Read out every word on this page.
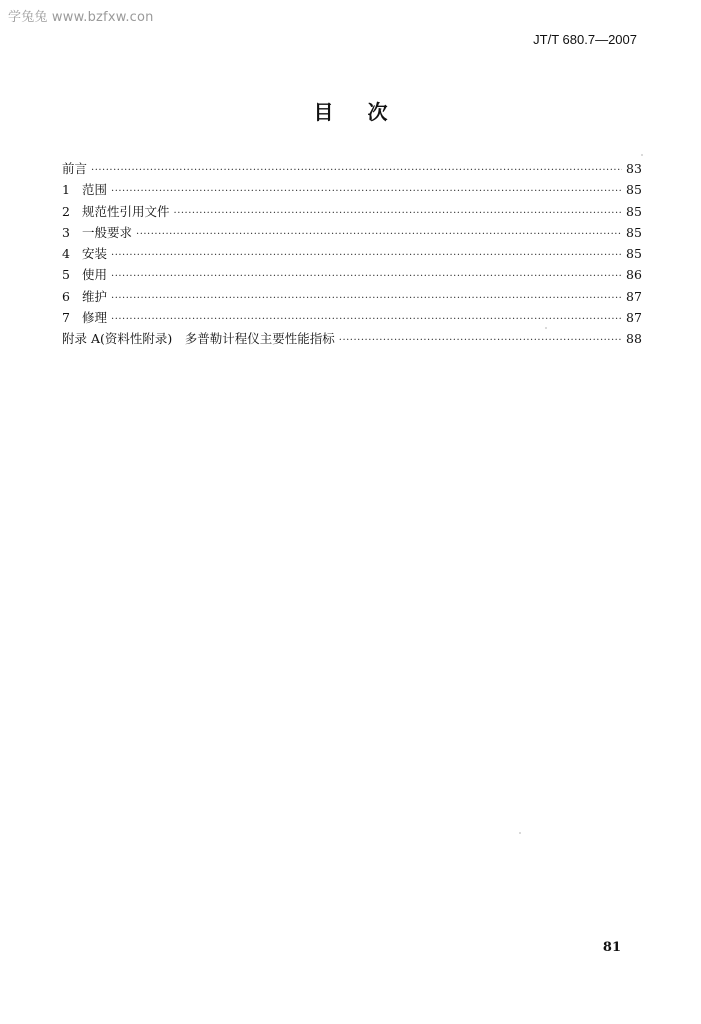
学兔兔 www.bzfxw.con
JT/T 680.7—2007
目次
前言 ·····	83
1 范围 ·····	85
2 规范性引用文件 ·····	85
3 一般要求 ·····	85
4 安装 ·····	85
5 使用 ·····	86
6 维护 ·····	87
7 修理 ·····	87
附录 A(资料性附录)　多普勒计程仪主要性能指标 ·····	88
81
